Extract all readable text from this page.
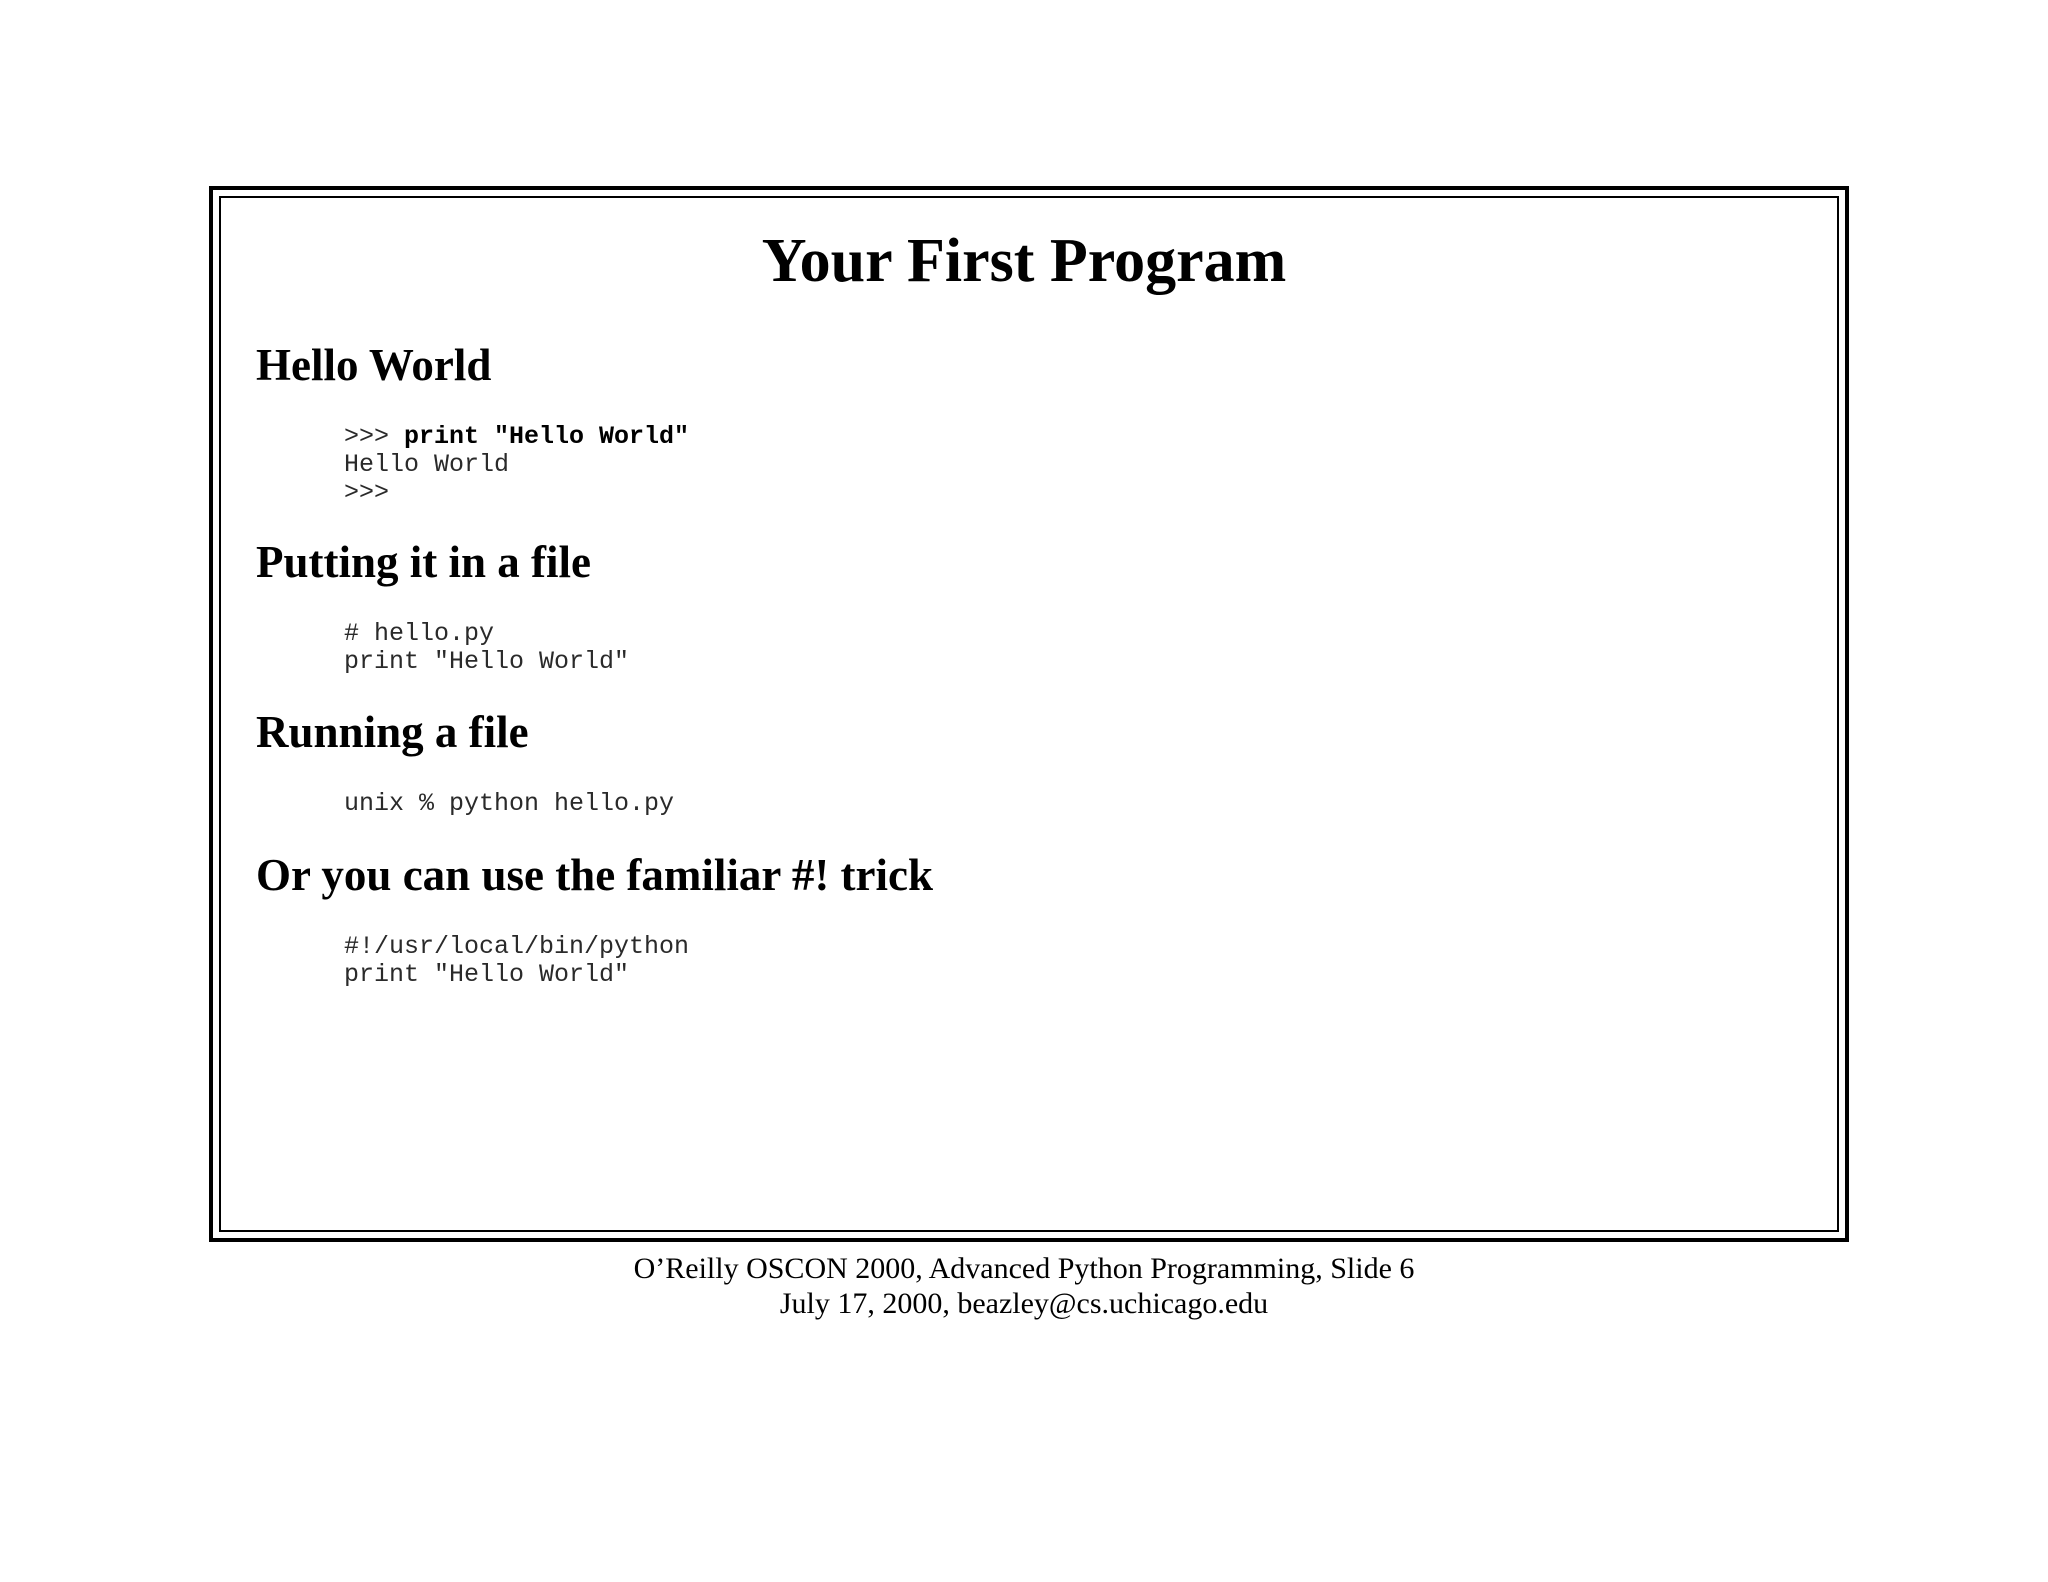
Your First Program
Hello World
>>> print "Hello World"
Hello World
>>>
Putting it in a file
# hello.py
print "Hello World"
Running a file
unix % python hello.py
Or you can use the familiar #! trick
#!/usr/local/bin/python
print "Hello World"
O’Reilly OSCON 2000, Advanced Python Programming, Slide 6
July 17, 2000, beazley@cs.uchicago.edu
